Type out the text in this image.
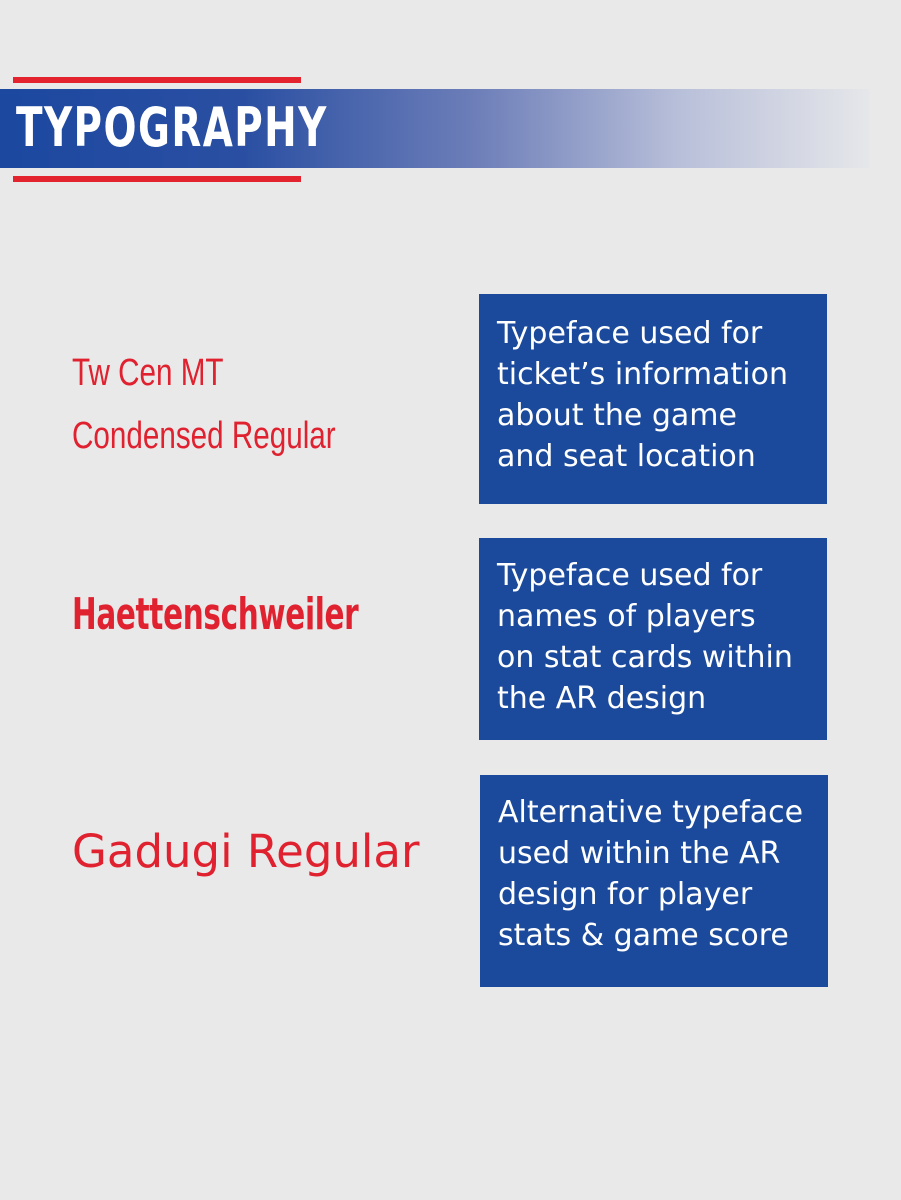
TYPOGRAPHY
Tw Cen MT
Condensed Regular
Typeface used for
ticket’s information
about the game
and seat location
Haettenschweiler
Typeface used for
names of players
on stat cards within
the AR design
Gadugi Regular
Alternative typeface
used within the AR
design for player
stats & game score
